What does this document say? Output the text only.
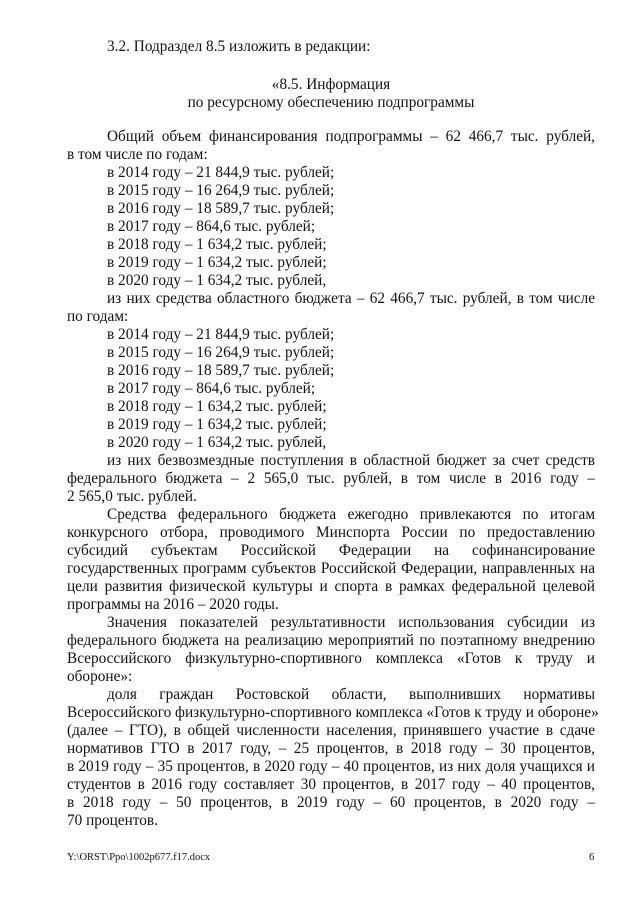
3.2. Подраздел 8.5 изложить в редакции:
«8.5. Информация
по ресурсному обеспечению подпрограммы
Общий объем финансирования подпрограммы – 62 466,7 тыс. рублей,
в том числе по годам:
в 2014 году – 21 844,9 тыс. рублей;
в 2015 году – 16 264,9 тыс. рублей;
в 2016 году – 18 589,7 тыс. рублей;
в 2017 году – 864,6 тыс. рублей;
в 2018 году – 1 634,2 тыс. рублей;
в 2019 году – 1 634,2 тыс. рублей;
в 2020 году – 1 634,2 тыс. рублей,
из них средства областного бюджета – 62 466,7 тыс. рублей, в том числе
по годам:
в 2014 году – 21 844,9 тыс. рублей;
в 2015 году – 16 264,9 тыс. рублей;
в 2016 году – 18 589,7 тыс. рублей;
в 2017 году – 864,6 тыс. рублей;
в 2018 году – 1 634,2 тыс. рублей;
в 2019 году – 1 634,2 тыс. рублей;
в 2020 году – 1 634,2 тыс. рублей,
из них безвозмездные поступления в областной бюджет за счет средств
федерального бюджета – 2 565,0 тыс. рублей, в том числе в 2016 году –
2 565,0 тыс. рублей.
Средства федерального бюджета ежегодно привлекаются по итогам
конкурсного отбора, проводимого Минспорта России по предоставлению
субсидий субъектам Российской Федерации на софинансирование
государственных программ субъектов Российской Федерации, направленных на
цели развития физической культуры и спорта в рамках федеральной целевой
программы на 2016 – 2020 годы.
Значения показателей результативности использования субсидии из
федерального бюджета на реализацию мероприятий по поэтапному внедрению
Всероссийского физкультурно-спортивного комплекса «Готов к труду и
обороне»:
доля граждан Ростовской области, выполнивших нормативы
Всероссийского физкультурно-спортивного комплекса «Готов к труду и обороне»
(далее – ГТО), в общей численности населения, принявшего участие в сдаче
нормативов ГТО в 2017 году, – 25 процентов, в 2018 году – 30 процентов,
в 2019 году – 35 процентов, в 2020 году – 40 процентов, из них доля учащихся и
студентов в 2016 году составляет 30 процентов, в 2017 году – 40 процентов,
в 2018 году – 50 процентов, в 2019 году – 60 процентов, в 2020 году –
70 процентов.
Y:\ORST\Ppo\1002p677.f17.docx	6
